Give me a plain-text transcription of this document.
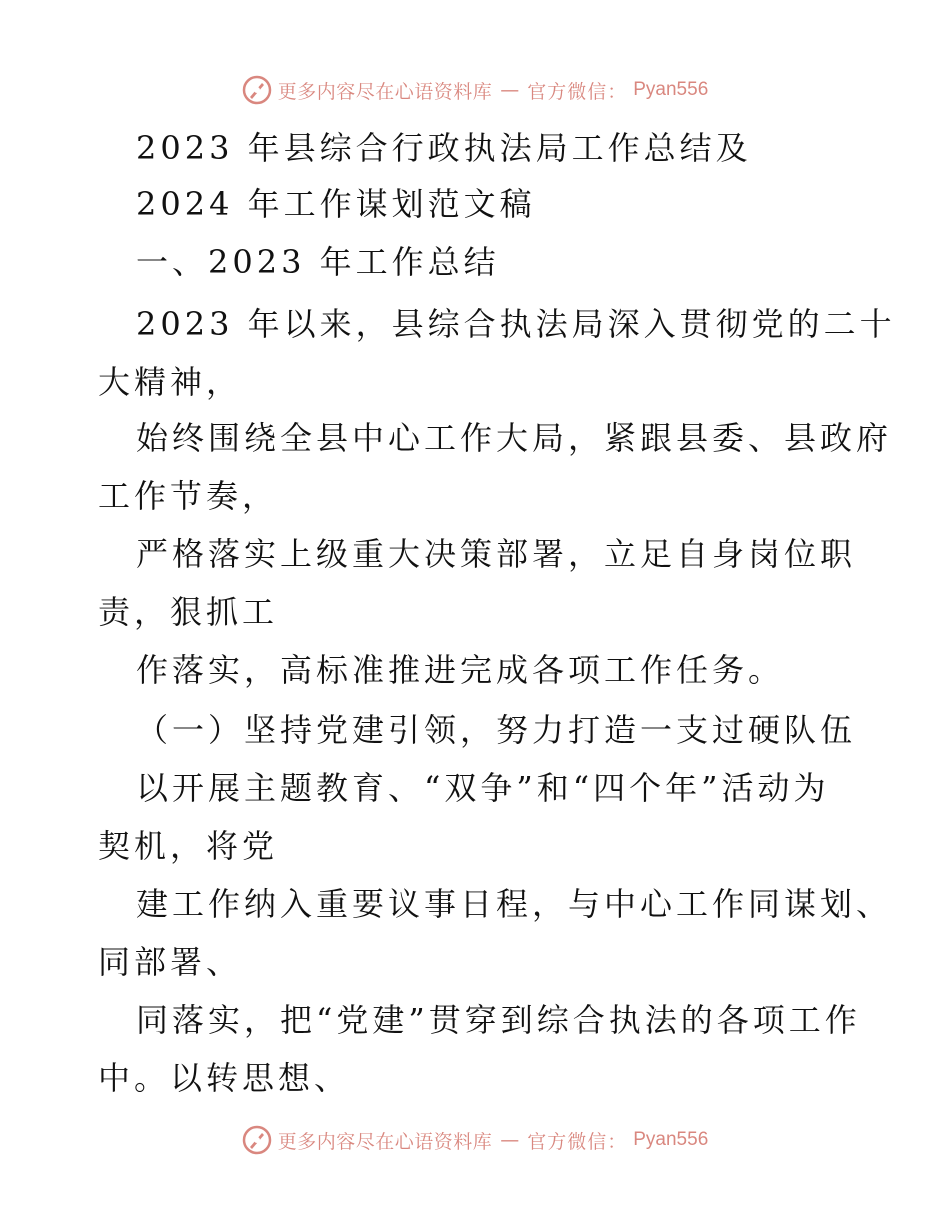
更多内容尽在心语资料库 — 官方微信： Pyan556
2023 年县综合行政执法局工作总结及
2024 年工作谋划范文稿
一、2023 年工作总结
2023 年以来，县综合执法局深入贯彻党的二十
大精神，
始终围绕全县中心工作大局，紧跟县委、县政府
工作节奏，
严格落实上级重大决策部署，立足自身岗位职
责，狠抓工
作落实，高标准推进完成各项工作任务。
（一）坚持党建引领，努力打造一支过硬队伍
以开展主题教育、“双争”和“四个年”活动为
契机，将党
建工作纳入重要议事日程，与中心工作同谋划、
同部署、
同落实，把“党建”贯穿到综合执法的各项工作
中。以转思想、
更多内容尽在心语资料库 — 官方微信： Pyan556
